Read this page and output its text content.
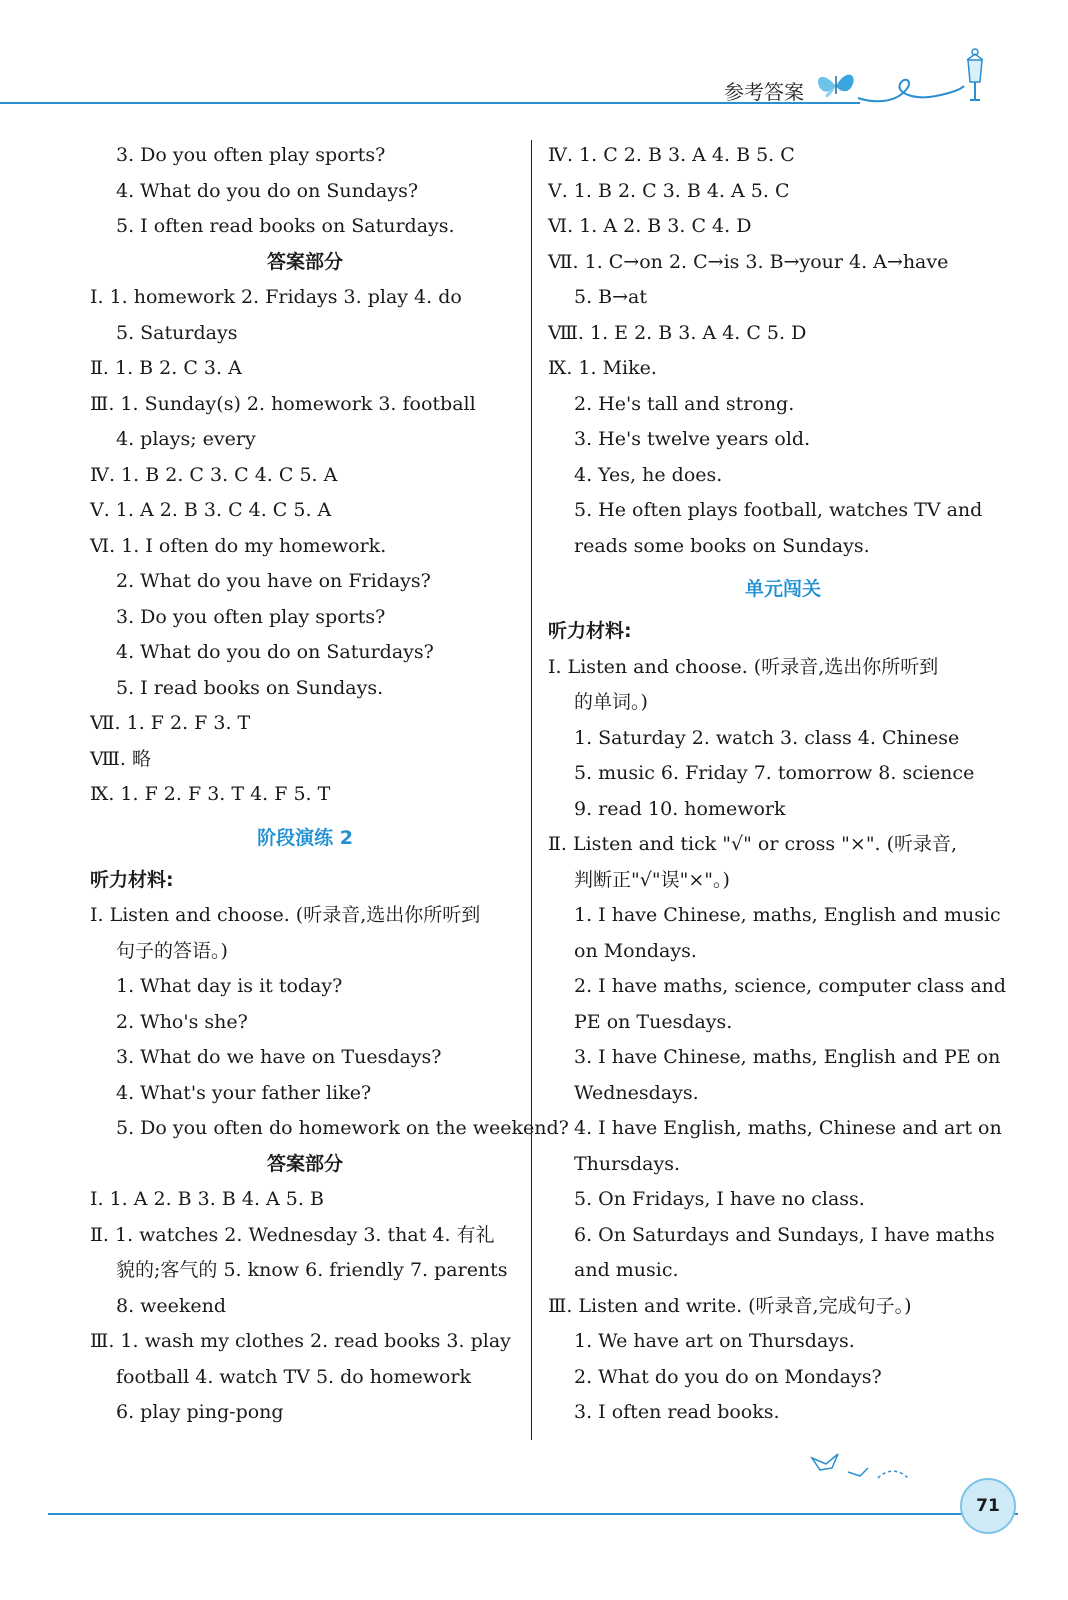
参考答案
3. Do you often play sports?
4. What do you do on Sundays?
5. I often read books on Saturdays.
答案部分
Ⅰ. 1. homework 2. Fridays 3. play 4. do
5. Saturdays
Ⅱ. 1. B 2. C 3. A
Ⅲ. 1. Sunday(s) 2. homework 3. football
4. plays; every
Ⅳ. 1. B 2. C 3. C 4. C 5. A
Ⅴ. 1. A 2. B 3. C 4. C 5. A
Ⅵ. 1. I often do my homework.
2. What do you have on Fridays?
3. Do you often play sports?
4. What do you do on Saturdays?
5. I read books on Sundays.
Ⅶ. 1. F 2. F 3. T
Ⅷ. 略
Ⅸ. 1. F 2. F 3. T 4. F 5. T
阶段演练 2
听力材料:
Ⅰ. Listen and choose. (听录音,选出你所听到
句子的答语。)
1. What day is it today?
2. Who's she?
3. What do we have on Tuesdays?
4. What's your father like?
5. Do you often do homework on the weekend?
答案部分
Ⅰ. 1. A 2. B 3. B 4. A 5. B
Ⅱ. 1. watches 2. Wednesday 3. that 4. 有礼
貌的;客气的 5. know 6. friendly 7. parents
8. weekend
Ⅲ. 1. wash my clothes 2. read books 3. play
football 4. watch TV 5. do homework
6. play ping-pong
Ⅳ. 1. C 2. B 3. A 4. B 5. C
Ⅴ. 1. B 2. C 3. B 4. A 5. C
Ⅵ. 1. A 2. B 3. C 4. D
Ⅶ. 1. C→on 2. C→is 3. B→your 4. A→have
5. B→at
Ⅷ. 1. E 2. B 3. A 4. C 5. D
Ⅸ. 1. Mike.
2. He's tall and strong.
3. He's twelve years old.
4. Yes, he does.
5. He often plays football, watches TV and
reads some books on Sundays.
单元闯关
听力材料:
Ⅰ. Listen and choose. (听录音,选出你所听到
的单词。)
1. Saturday 2. watch 3. class 4. Chinese
5. music 6. Friday 7. tomorrow 8. science
9. read 10. homework
Ⅱ. Listen and tick "√" or cross "×". (听录音,
判断正"√"误"×"。)
1. I have Chinese, maths, English and music
on Mondays.
2. I have maths, science, computer class and
PE on Tuesdays.
3. I have Chinese, maths, English and PE on
Wednesdays.
4. I have English, maths, Chinese and art on
Thursdays.
5. On Fridays, I have no class.
6. On Saturdays and Sundays, I have maths
and music.
Ⅲ. Listen and write. (听录音,完成句子。)
1. We have art on Thursdays.
2. What do you do on Mondays?
3. I often read books.
71
